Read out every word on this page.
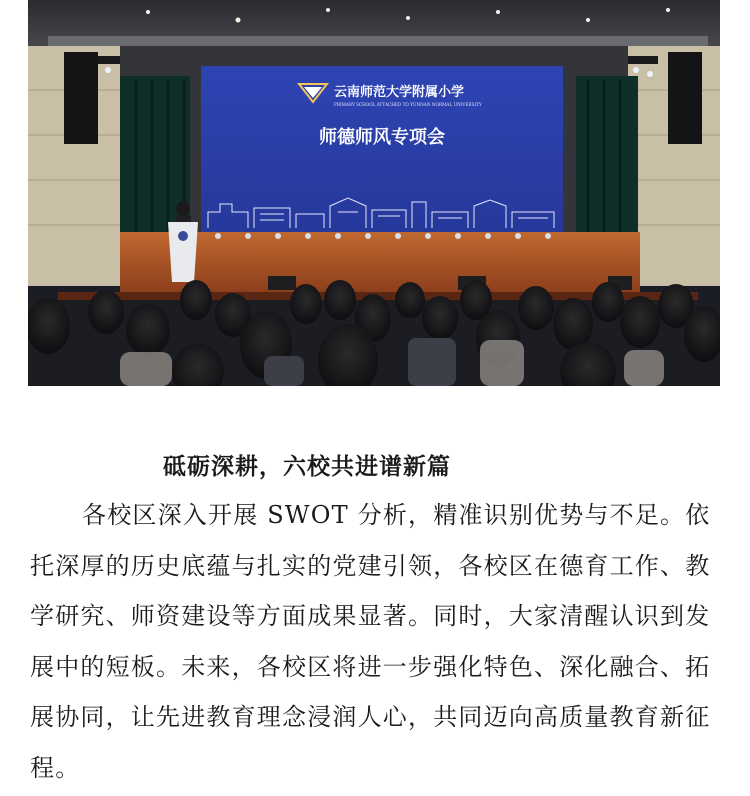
云南师范大学附属小学
PRIMARY SCHOOL ATTACHED TO YUNNAN NORMAL UNIVERSITY
师德师风专项会
砥砺深耕，六校共进谱新篇

各校区深入开展 SWOT 分析，精准识别优势与不足。依托深厚的历史底蕴与扎实的党建引领，各校区在德育工作、教学研究、师资建设等方面成果显著。同时，大家清醒认识到发展中的短板。未来，各校区将进一步强化特色、深化融合、拓展协同，让先进教育理念浸润人心，共同迈向高质量教育新征程。
